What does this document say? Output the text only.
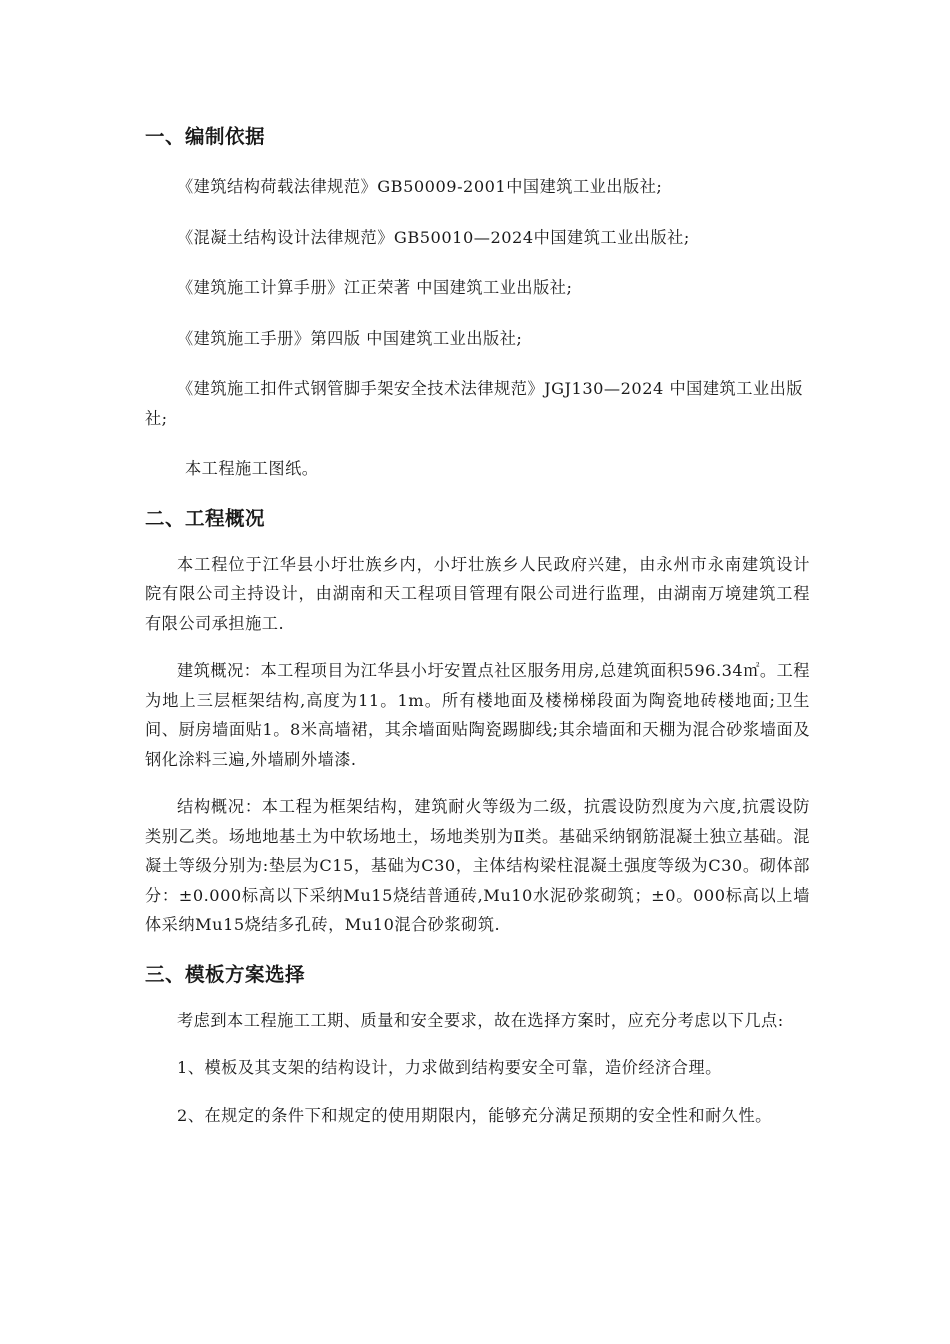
一、编制依据

《建筑结构荷载法律规范》GB50009-2001中国建筑工业出版社;

《混凝土结构设计法律规范》GB50010—2024中国建筑工业出版社;

《建筑施工计算手册》江正荣著 中国建筑工业出版社;

《建筑施工手册》第四版 中国建筑工业出版社;

《建筑施工扣件式钢管脚手架安全技术法律规范》JGJ130—2024 中国建筑工业出版社;

本工程施工图纸。

二、工程概况

本工程位于江华县小圩壮族乡内，小圩壮族乡人民政府兴建，由永州市永南建筑设计院有限公司主持设计，由湖南和天工程项目管理有限公司进行监理，由湖南万境建筑工程有限公司承担施工.

建筑概况：本工程项目为江华县小圩安置点社区服务用房,总建筑面积596.34㎡。工程为地上三层框架结构,高度为11。1m。所有楼地面及楼梯梯段面为陶瓷地砖楼地面;卫生间、厨房墙面贴1。8米高墙裙，其余墙面贴陶瓷踢脚线;其余墙面和天棚为混合砂浆墙面及钢化涂料三遍,外墙刷外墙漆.

结构概况：本工程为框架结构，建筑耐火等级为二级，抗震设防烈度为六度,抗震设防类别乙类。场地地基土为中软场地土，场地类别为Ⅱ类。基础采纳钢筋混凝土独立基础。混凝土等级分别为:垫层为C15，基础为C30，主体结构梁柱混凝土强度等级为C30。砌体部分：±0.000标高以下采纳Mu15烧结普通砖,Mu10水泥砂浆砌筑；±0。000标高以上墙体采纳Mu15烧结多孔砖，Mu10混合砂浆砌筑.

三、模板方案选择

考虑到本工程施工工期、质量和安全要求，故在选择方案时，应充分考虑以下几点:

1、模板及其支架的结构设计，力求做到结构要安全可靠，造价经济合理。

2、在规定的条件下和规定的使用期限内，能够充分满足预期的安全性和耐久性。
